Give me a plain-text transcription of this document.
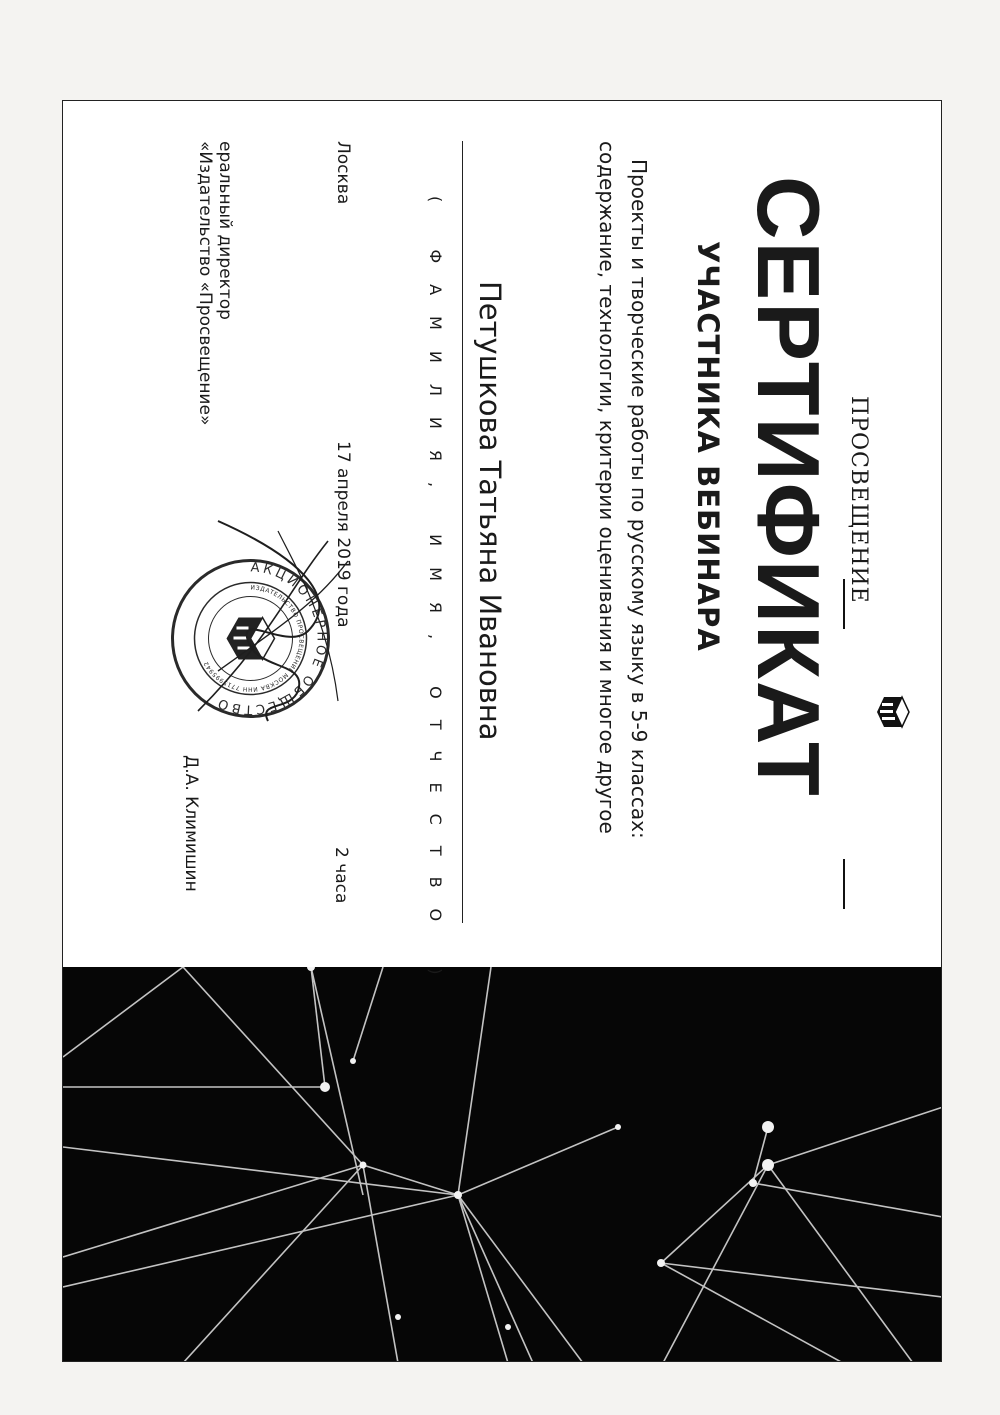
ПРОСВЕЩЕНИЕ
СЕРТИФИКАТ
УЧАСТНИКА ВЕБИНАРА
Проекты и творческие работы по русскому языку в 5-9 классах:
содержание, технологии, критерии оценивания и многое другое
Петушкова Татьяна Ивановна
( ФАМИЛИЯ, ИМЯ, ОТЧЕСТВО )
Лосква
17 апреля 2019 года
2 часа
еральный директор
«Издательство «Просвещение»
Д.А. Климишин
АКЦИОНЕРНОЕ ОБЩЕСТВО
ИЗДАТЕЛЬСТВО ПРОСВЕЩЕНИЕ МОСКВА ИНН 7715995942
